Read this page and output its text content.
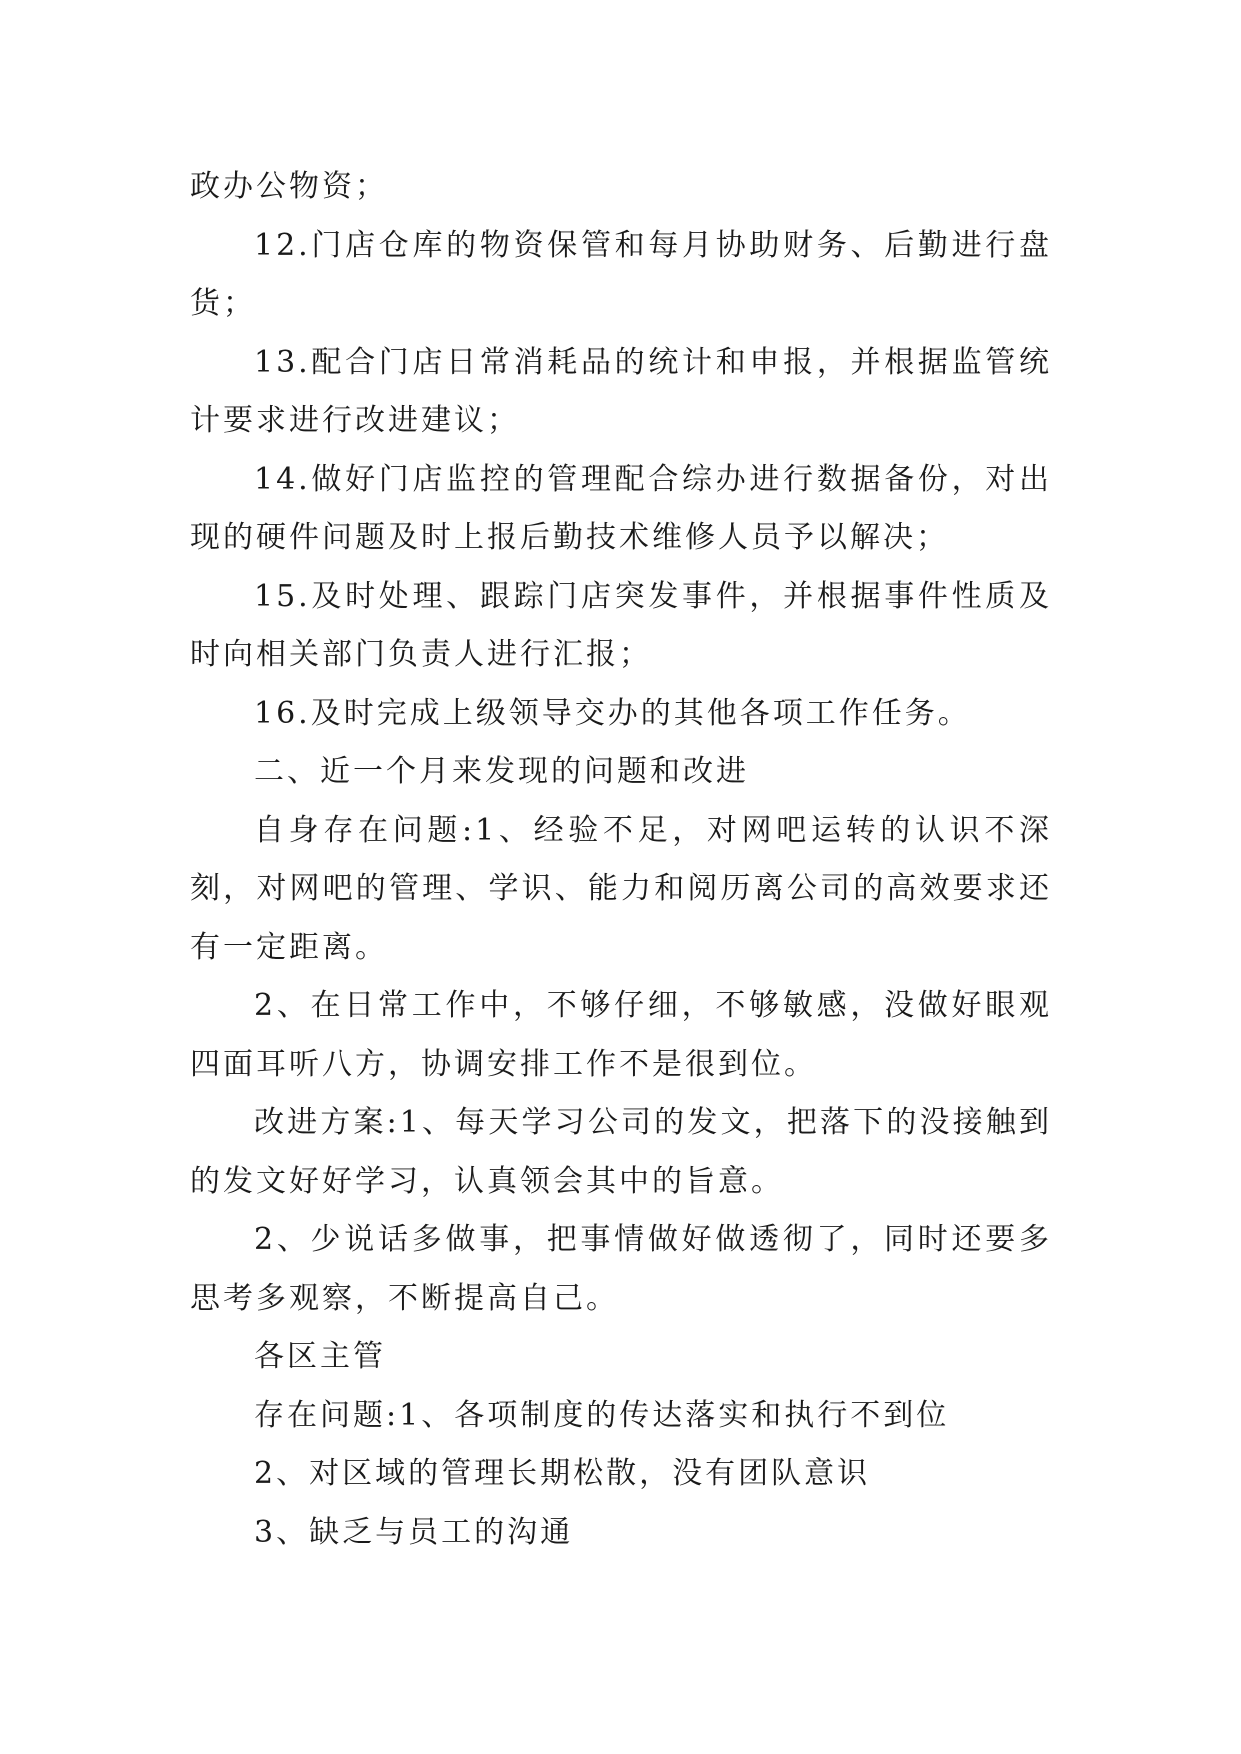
政办公物资；

12.门店仓库的物资保管和每月协助财务、后勤进行盘货；

13.配合门店日常消耗品的统计和申报，并根据监管统计要求进行改进建议；

14.做好门店监控的管理配合综办进行数据备份，对出现的硬件问题及时上报后勤技术维修人员予以解决；

15.及时处理、跟踪门店突发事件，并根据事件性质及时向相关部门负责人进行汇报；

16.及时完成上级领导交办的其他各项工作任务。

二、近一个月来发现的问题和改进

自身存在问题:1、经验不足，对网吧运转的认识不深刻，对网吧的管理、学识、能力和阅历离公司的高效要求还有一定距离。

2、在日常工作中，不够仔细，不够敏感，没做好眼观四面耳听八方，协调安排工作不是很到位。

改进方案:1、每天学习公司的发文，把落下的没接触到的发文好好学习，认真领会其中的旨意。

2、少说话多做事，把事情做好做透彻了，同时还要多思考多观察，不断提高自己。

各区主管

存在问题:1、各项制度的传达落实和执行不到位

2、对区域的管理长期松散，没有团队意识

3、缺乏与员工的沟通
